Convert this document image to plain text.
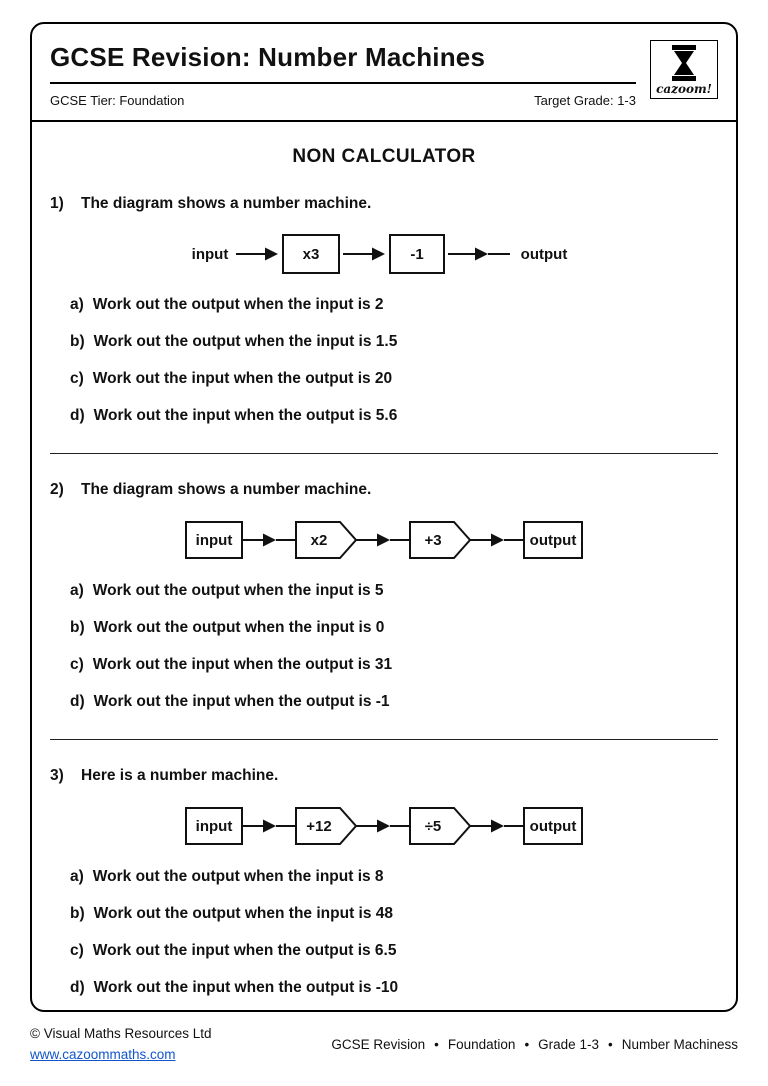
GCSE Revision: Number Machines
GCSE Tier: Foundation	Target Grade: 1-3
cazoom!
NON CALCULATOR
1) The diagram shows a number machine.
input	x3	-1	output
a) Work out the output when the input is 2
b) Work out the output when the input is 1.5
c) Work out the input when the output is 20
d) Work out the input when the output is 5.6
2) The diagram shows a number machine.
input	x2	+3	output
a) Work out the output when the input is 5
b) Work out the output when the input is 0
c) Work out the input when the output is 31
d) Work out the input when the output is -1
3) Here is a number machine.
input	+12	÷5	output
a) Work out the output when the input is 8
b) Work out the output when the input is 48
c) Work out the input when the output is 6.5
d) Work out the input when the output is -10
© Visual Maths Resources Ltd
www.cazoommaths.com
GCSE Revision • Foundation • Grade 1-3 • Number Machiness
